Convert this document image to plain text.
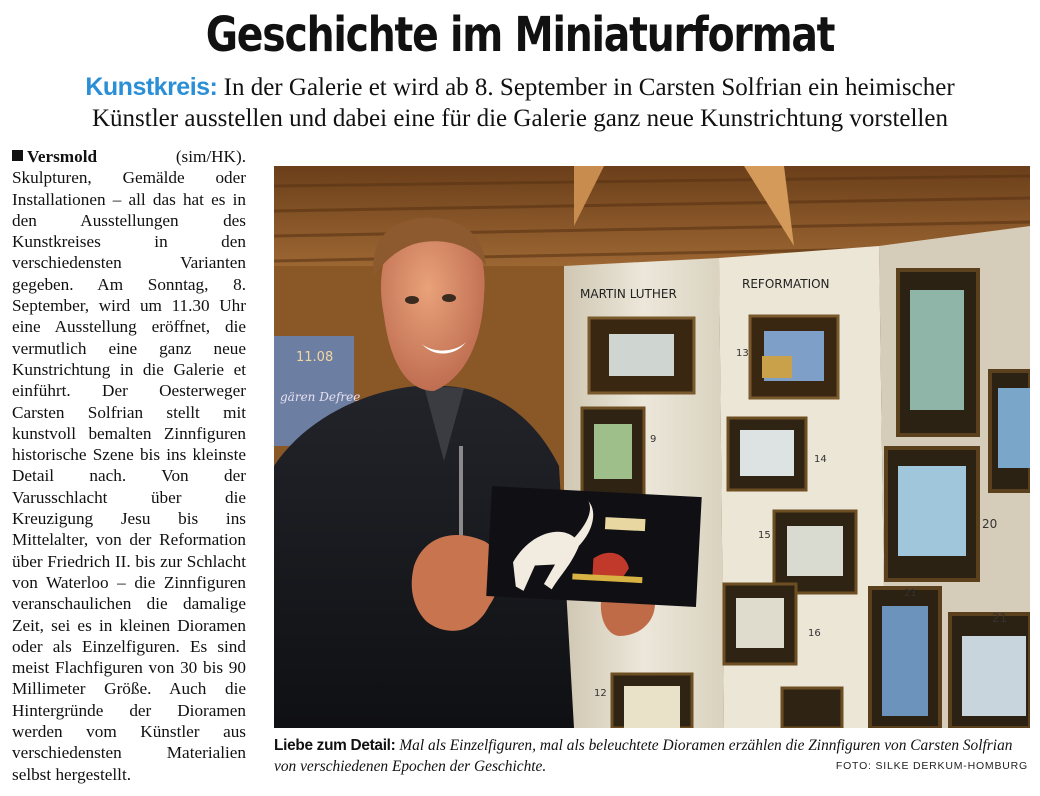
Geschichte im Miniaturformat
Kunstkreis: In der Galerie et wird ab 8. September in Carsten Solfrian ein heimischer Künstler ausstellen und dabei eine für die Galerie ganz neue Kunstrichtung vorstellen
Versmold	(sim/HK). Skulpturen, Gemälde oder Installationen – all das hat es in den Ausstellungen des Kunstkreises in den verschiedensten Varianten gegeben. Am Sonntag, 8. September, wird um 11.30 Uhr eine Ausstellung eröffnet, die vermutlich eine ganz neue Kunstrichtung in die Galerie et einführt. Der Oesterweger Carsten Solfrian stellt mit kunstvoll bemalten Zinnfiguren historische Szene bis ins kleinste Detail nach. Von der Varusschlacht über die Kreuzigung Jesu bis ins Mittelalter, von der Reformation über Friedrich II. bis zur Schlacht von Waterloo – die Zinnfiguren veranschaulichen die damalige Zeit, sei es in kleinen Dioramen oder als Einzelfiguren. Es sind meist Flachfiguren von 30 bis 90 Millimeter Größe. Auch die Hintergründe der Dioramen werden vom Künstler aus verschiedensten Materialien selbst hergestellt.
11.08
gären Defree
MARTIN LUTHER
REFORMATION
13
9
14
15
16
12
20
21
21
Liebe zum Detail: Mal als Einzelfiguren, mal als beleuchtete Dioramen erzählen die Zinnfiguren von Carsten Solfrian von verschiedenen Epochen der Geschichte.	FOTO: SILKE DERKUM-HOMBURG
